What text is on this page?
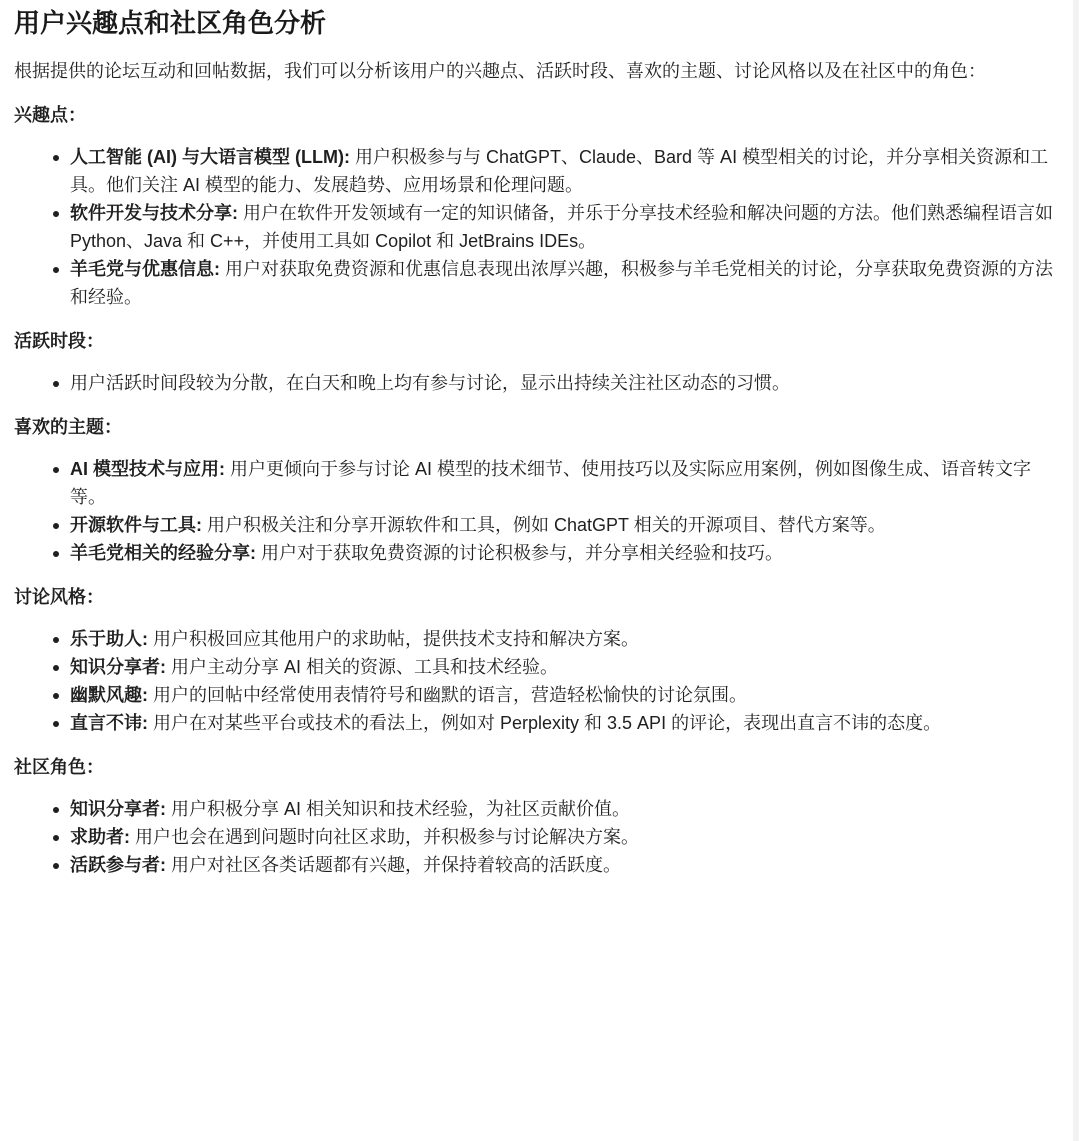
用户兴趣点和社区角色分析

根据提供的论坛互动和回帖数据，我们可以分析该用户的兴趣点、活跃时段、喜欢的主题、讨论风格以及在社区中的角色：

兴趣点：
人工智能 (AI) 与大语言模型 (LLM): 用户积极参与与 ChatGPT、Claude、Bard 等 AI 模型相关的讨论，并分享相关资源和工具。他们关注 AI 模型的能力、发展趋势、应用场景和伦理问题。
软件开发与技术分享: 用户在软件开发领域有一定的知识储备，并乐于分享技术经验和解决问题的方法。他们熟悉编程语言如 Python、Java 和 C++，并使用工具如 Copilot 和 JetBrains IDEs。
羊毛党与优惠信息: 用户对获取免费资源和优惠信息表现出浓厚兴趣，积极参与羊毛党相关的讨论，分享获取免费资源的方法和经验。
活跃时段：
用户活跃时间段较为分散，在白天和晚上均有参与讨论，显示出持续关注社区动态的习惯。
喜欢的主题：
AI 模型技术与应用: 用户更倾向于参与讨论 AI 模型的技术细节、使用技巧以及实际应用案例，例如图像生成、语音转文字等。
开源软件与工具: 用户积极关注和分享开源软件和工具，例如 ChatGPT 相关的开源项目、替代方案等。
羊毛党相关的经验分享: 用户对于获取免费资源的讨论积极参与，并分享相关经验和技巧。
讨论风格：
乐于助人: 用户积极回应其他用户的求助帖，提供技术支持和解决方案。
知识分享者: 用户主动分享 AI 相关的资源、工具和技术经验。
幽默风趣: 用户的回帖中经常使用表情符号和幽默的语言，营造轻松愉快的讨论氛围。
直言不讳: 用户在对某些平台或技术的看法上，例如对 Perplexity 和 3.5 API 的评论，表现出直言不讳的态度。
社区角色：
知识分享者: 用户积极分享 AI 相关知识和技术经验，为社区贡献价值。
求助者: 用户也会在遇到问题时向社区求助，并积极参与讨论解决方案。
活跃参与者: 用户对社区各类话题都有兴趣，并保持着较高的活跃度。
